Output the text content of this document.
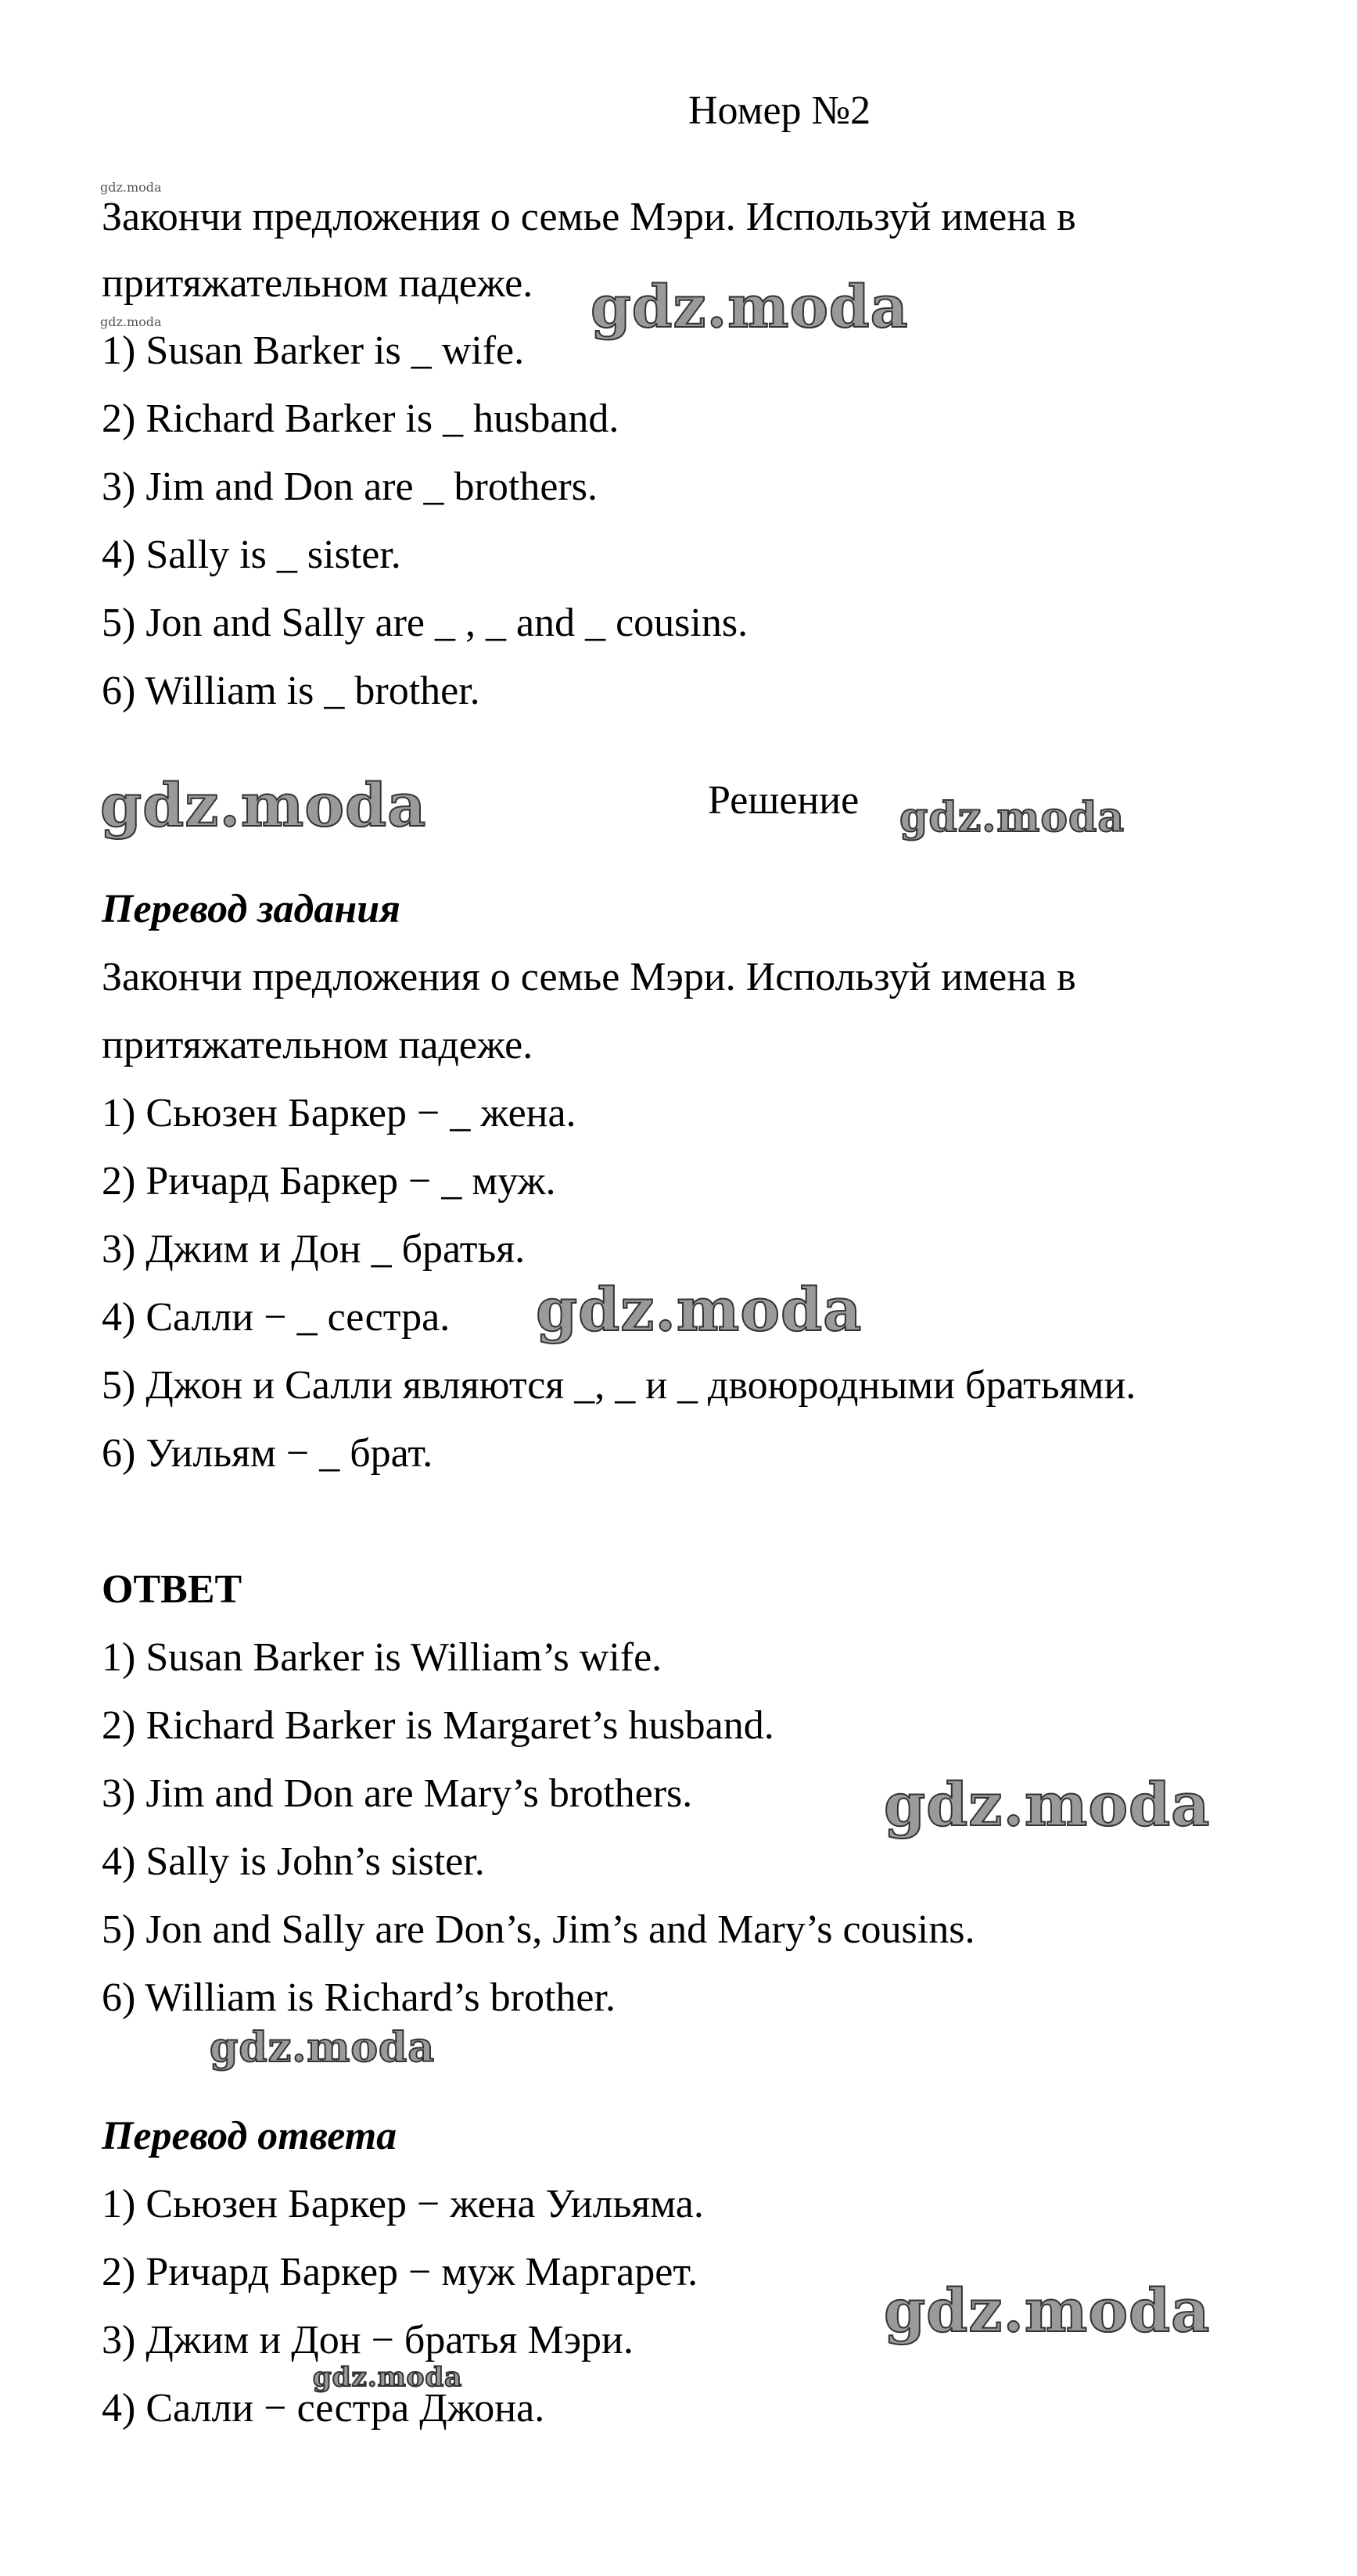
Номер №2
gdz.moda
Закончи предложения о семье Мэри. Используй имена в
притяжательном падеже.
gdz.moda
1) Susan Barker is _ wife.
2) Richard Barker is _ husband.
3) Jim and Don are _ brothers.
4) Sally is _ sister.
5) Jon and Sally are _ , _ and _ cousins.
6) William is _ brother.
Решение
Перевод задания
Закончи предложения о семье Мэри. Используй имена в
притяжательном падеже.
1) Сьюзен Баркер − _ жена.
2) Ричард Баркер − _ муж.
3) Джим и Дон _ братья.
4) Салли − _ сестра.
5) Джон и Салли являются _, _ и _ двоюродными братьями.
6) Уильям − _ брат.
ОТВЕТ
1) Susan Barker is William’s wife.
2) Richard Barker is Margaret’s husband.
3) Jim and Don are Mary’s brothers.
4) Sally is John’s sister.
5) Jon and Sally are Don’s, Jim’s and Mary’s cousins.
6) William is Richard’s brother.
Перевод ответа
1) Сьюзен Баркер − жена Уильяма.
2) Ричард Баркер − муж Маргарет.
3) Джим и Дон − братья Мэри.
4) Салли − сестра Джона.
gdz.moda
gdz.moda	gdz.moda
gdz.moda
gdz.moda
gdz.moda
gdz.moda
gdz.moda
